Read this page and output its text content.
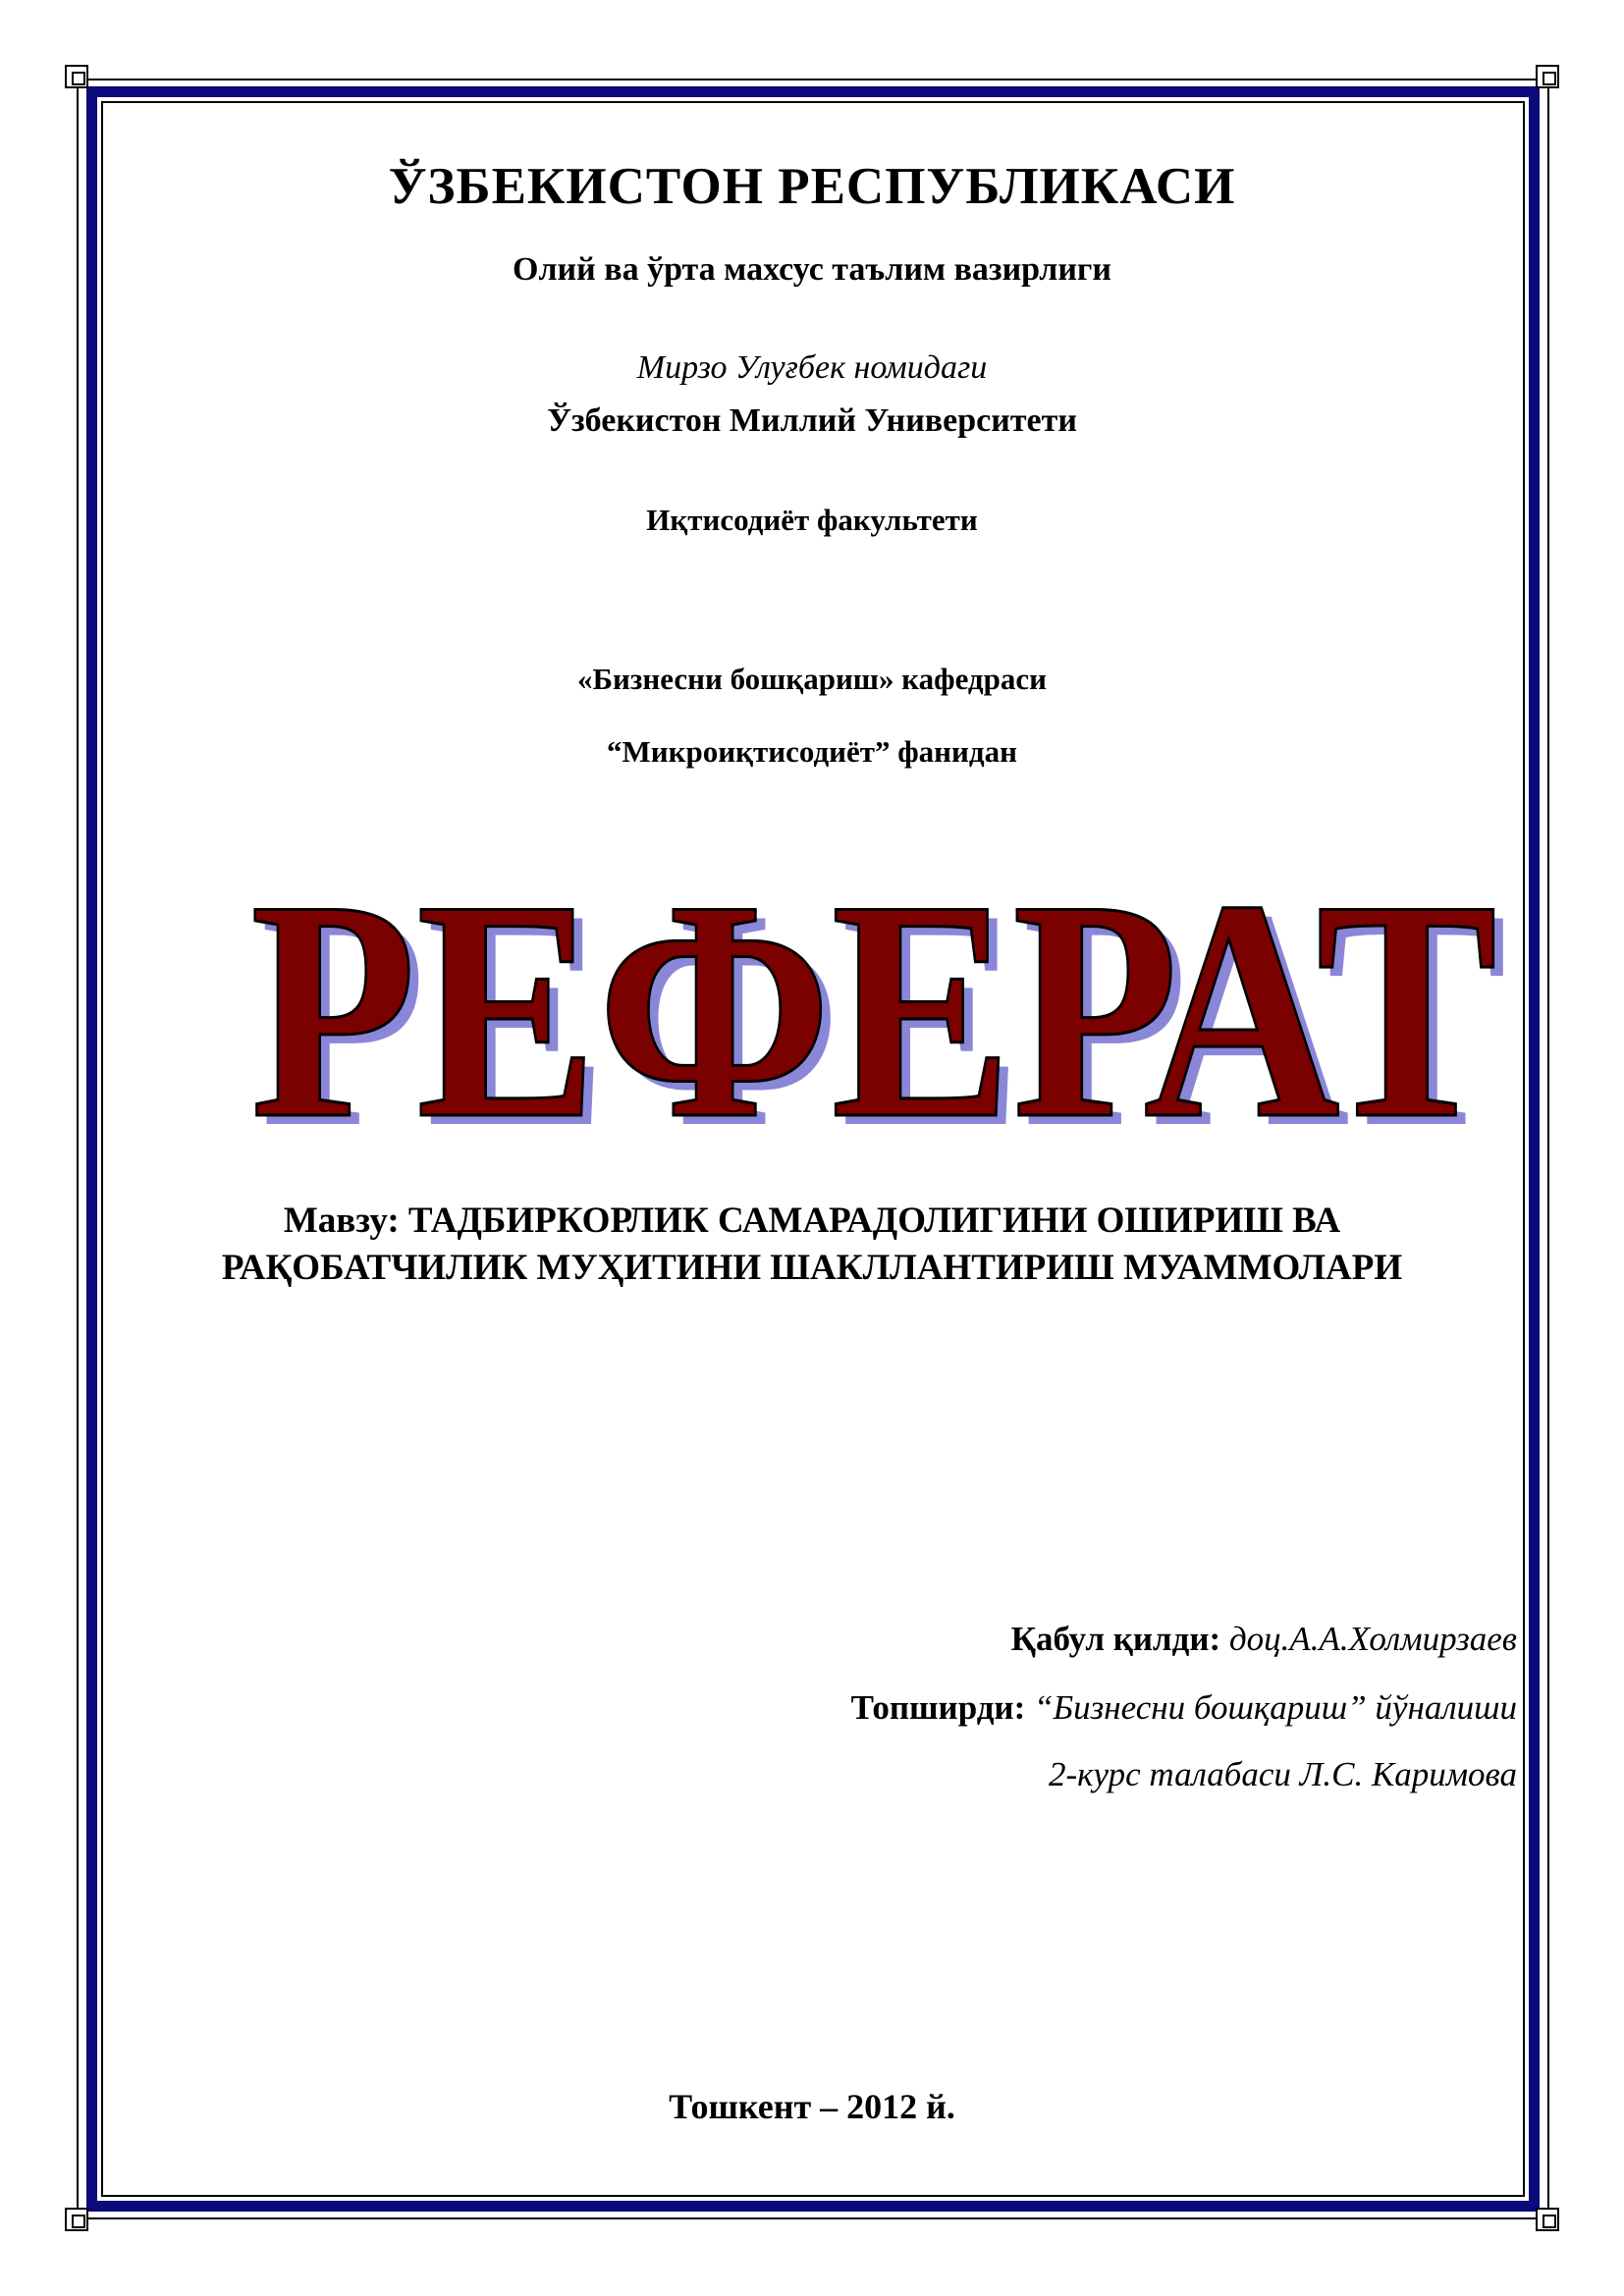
ЎЗБЕКИСТОН РЕСПУБЛИКАСИ
Олий ва ўрта махсус таълим вазирлиги
Мирзо Улуғбек номидаги
Ўзбекистон Миллий Университети
Иқтисодиёт факультети
«Бизнесни бошқариш» кафедраси
“Микроиқтисодиёт” фанидан
РЕФЕРАТ
РЕФЕРАТ
Мавзу: ТАДБИРКОРЛИК САМАРАДОЛИГИНИ ОШИРИШ ВА РАҚОБАТЧИЛИК МУҲИТИНИ ШАКЛЛАНТИРИШ МУАММОЛАРИ
Қабул қилди: доц.А.А.Холмирзаев
Топширди: “Бизнесни бошқариш” йўналиши
2-курс талабаси Л.С. Каримова
Тошкент – 2012 й.
